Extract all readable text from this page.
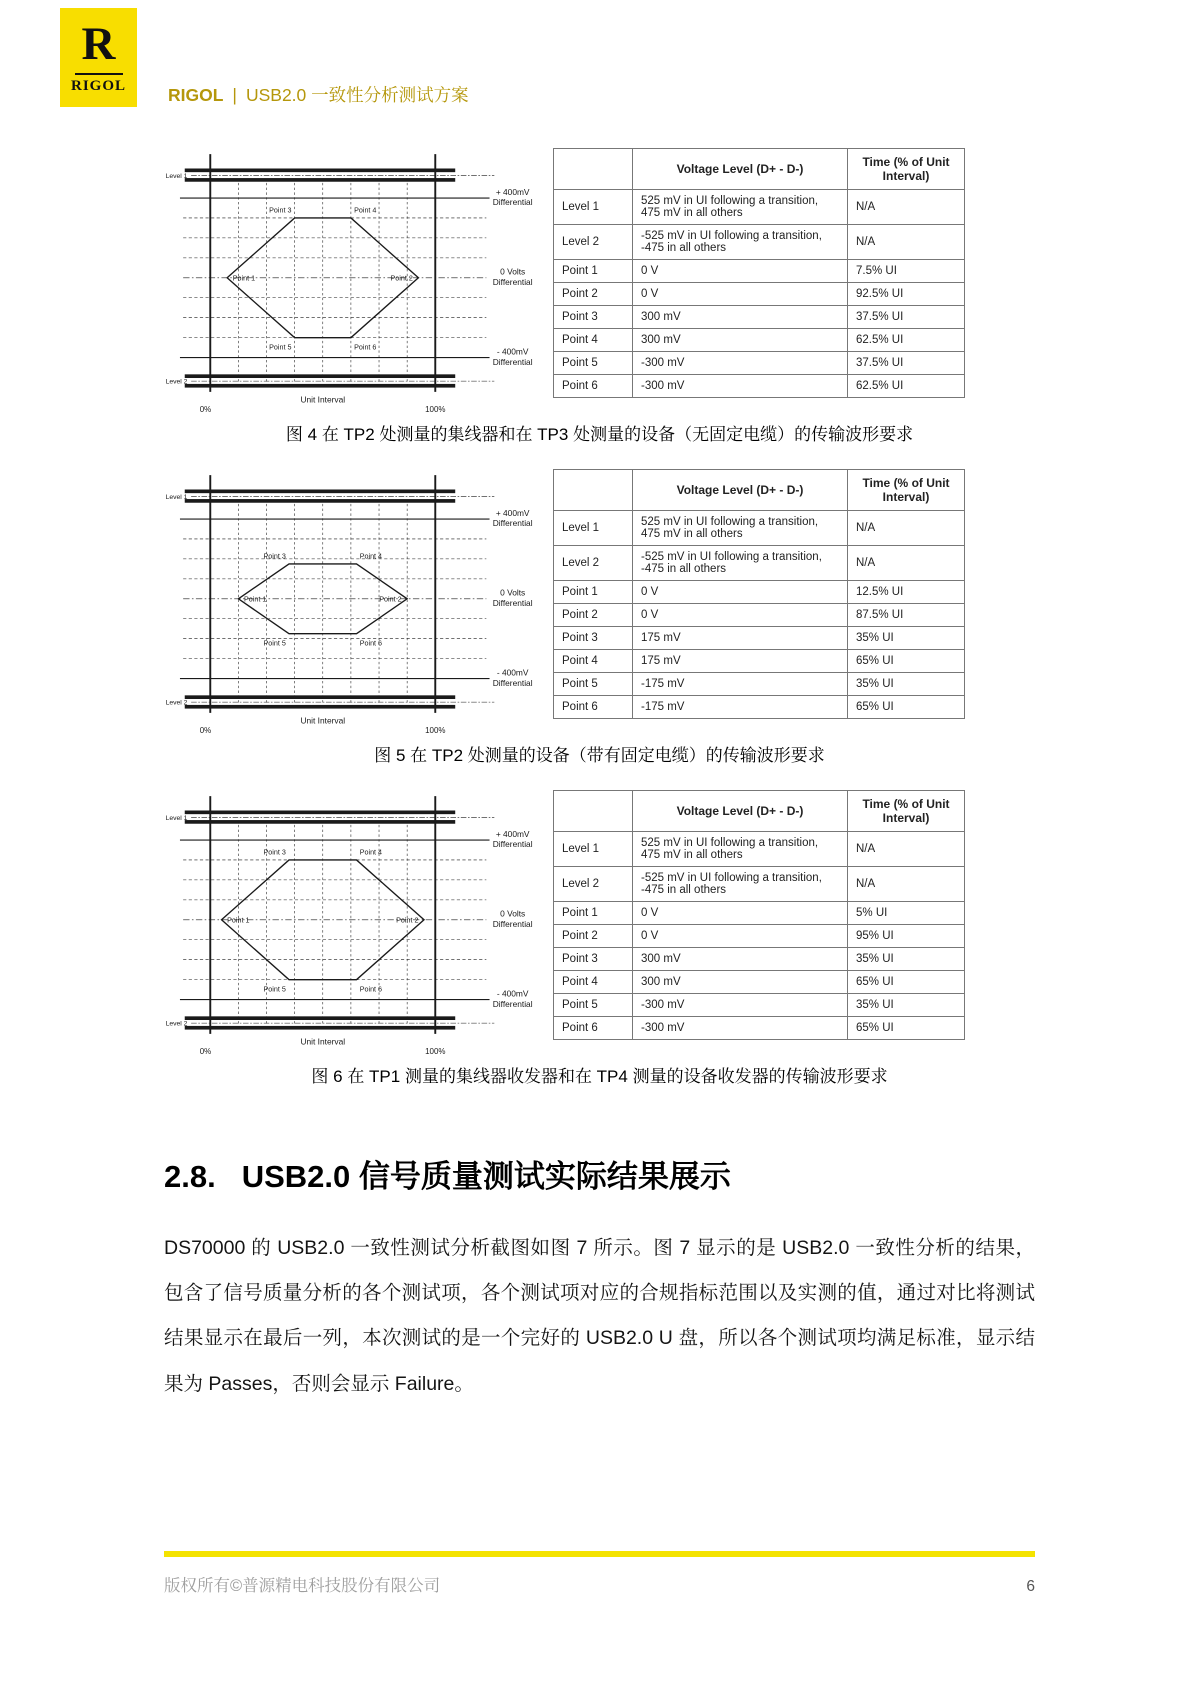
R
RIGOL	RIGOL | USB2.0 一致性分析测试方案
Level 1
Level 2
Point 1	Point 2
Point 3	Point 4
Point 5	Point 6
+ 400mV
Differential
0 Volts
Differential
- 400mV
Differential
Unit Interval
0%	100%
	Voltage Level (D+ - D-)	Time (% of Unit Interval)
Level 1	525 mV in UI following a transition, 475 mV in all others	N/A
Level 2	-525 mV in UI following a transition, -475 in all others	N/A
Point 1	0 V	7.5% UI
Point 2	0 V	92.5% UI
Point 3	300 mV	37.5% UI
Point 4	300 mV	62.5% UI
Point 5	-300 mV	37.5% UI
Point 6	-300 mV	62.5% UI
图 4 在 TP2 处测量的集线器和在 TP3 处测量的设备（无固定电缆）的传输波形要求
Level 1
Level 2
Point 1	Point 2
Point 3	Point 4
Point 5	Point 6
+ 400mV
Differential
0 Volts
Differential
- 400mV
Differential
Unit Interval
0%	100%
	Voltage Level (D+ - D-)	Time (% of Unit Interval)
Level 1	525 mV in UI following a transition, 475 mV in all others	N/A
Level 2	-525 mV in UI following a transition, -475 in all others	N/A
Point 1	0 V	12.5% UI
Point 2	0 V	87.5% UI
Point 3	175 mV	35% UI
Point 4	175 mV	65% UI
Point 5	-175 mV	35% UI
Point 6	-175 mV	65% UI
图 5 在 TP2 处测量的设备（带有固定电缆）的传输波形要求
Level 1
Level 2
Point 1	Point 2
Point 3	Point 4
Point 5	Point 6
+ 400mV
Differential
0 Volts
Differential
- 400mV
Differential
Unit Interval
0%	100%
	Voltage Level (D+ - D-)	Time (% of Unit Interval)
Level 1	525 mV in UI following a transition, 475 mV in all others	N/A
Level 2	-525 mV in UI following a transition, -475 in all others	N/A
Point 1	0 V	5% UI
Point 2	0 V	95% UI
Point 3	300 mV	35% UI
Point 4	300 mV	65% UI
Point 5	-300 mV	35% UI
Point 6	-300 mV	65% UI
图 6 在 TP1 测量的集线器收发器和在 TP4 测量的设备收发器的传输波形要求
2.8. USB2.0 信号质量测试实际结果展示

DS70000 的 USB2.0 一致性测试分析截图如图 7 所示。图 7 显示的是 USB2.0 一致性分析的结果，包含了信号质量分析的各个测试项，各个测试项对应的合规指标范围以及实测的值，通过对比将测试结果显示在最后一列，本次测试的是一个完好的 USB2.0 U 盘，所以各个测试项均满足标准，显示结果为 Passes，否则会显示 Failure。

版权所有©普源精电科技股份有限公司	6
